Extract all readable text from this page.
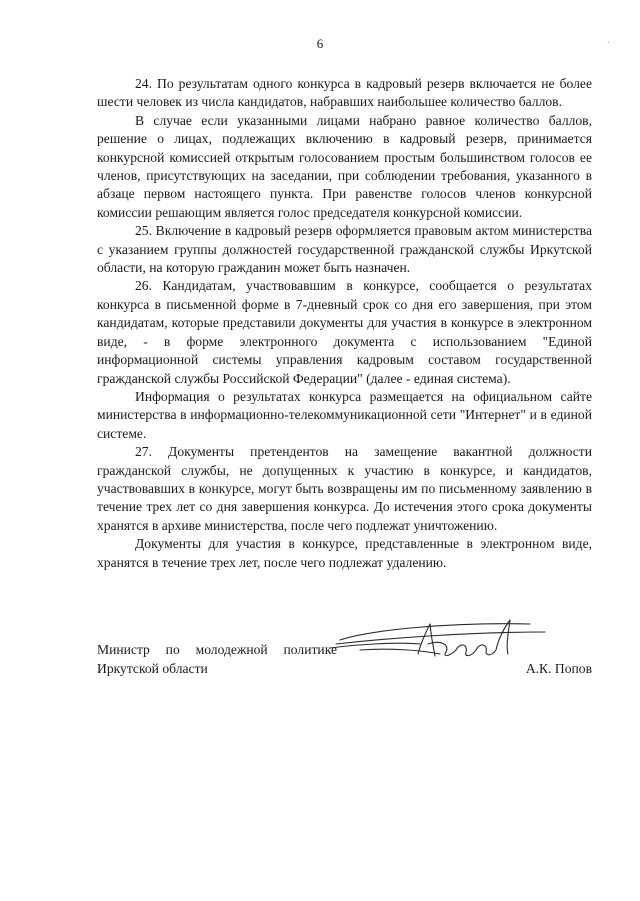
6	·

24. По результатам одного конкурса в кадровый резерв включается не более шести человек из числа кандидатов, набравших наибольшее количество баллов.

В случае если указанными лицами набрано равное количество баллов, решение о лицах, подлежащих включению в кадровый резерв, принимается конкурсной комиссией открытым голосованием простым большинством голосов ее членов, присутствующих на заседании, при соблюдении требования, указанного в абзаце первом настоящего пункта. При равенстве голосов членов конкурсной комиссии решающим является голос председателя конкурсной комиссии.

25. Включение в кадровый резерв оформляется правовым актом министерства с указанием группы должностей государственной гражданской службы Иркутской области, на которую гражданин может быть назначен.

26. Кандидатам, участвовавшим в конкурсе, сообщается о результатах конкурса в письменной форме в 7-дневный срок со дня его завершения, при этом кандидатам, которые представили документы для участия в конкурсе в электронном виде, - в форме электронного документа с использованием "Единой информационной системы управления кадровым составом государственной гражданской службы Российской Федерации" (далее - единая система).

Информация о результатах конкурса размещается на официальном сайте министерства в информационно-телекоммуникационной сети "Интернет" и в единой системе.

27. Документы претендентов на замещение вакантной должности гражданской службы, не допущенных к участию в конкурсе, и кандидатов, участвовавших в конкурсе, могут быть возвращены им по письменному заявлению в течение трех лет со дня завершения конкурса. До истечения этого срока документы хранятся в архиве министерства, после чего подлежат уничтожению.

Документы для участия в конкурсе, представленные в электронном виде, хранятся в течение трех лет, после чего подлежат удалению.

Министр по молодежной политике
Иркутской области	А.К. Попов
